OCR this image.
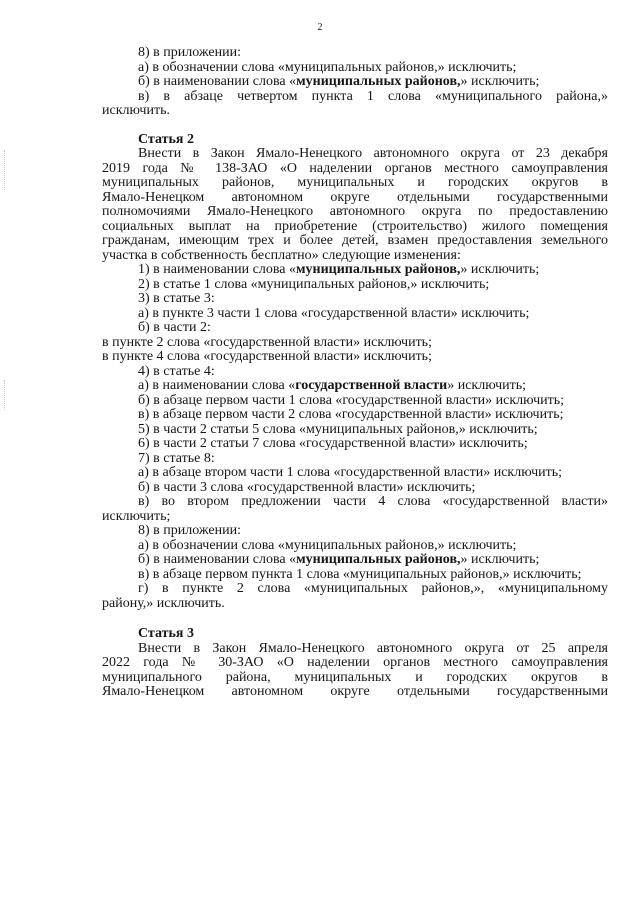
2
8) в приложении:
а) в обозначении слова «муниципальных районов,» исключить;
б) в наименовании слова «муниципальных районов,» исключить;
в) в абзаце четвертом пункта 1 слова «муниципального района,»
исключить.
Статья 2
Внести в Закон Ямало-Ненецкого автономного округа от 23 декабря
2019 года № 138-ЗАО «О наделении органов местного самоуправления
муниципальных районов, муниципальных и городских округов в
Ямало-Ненецком автономном округе отдельными государственными
полномочиями Ямало-Ненецкого автономного округа по предоставлению
социальных выплат на приобретение (строительство) жилого помещения
гражданам, имеющим трех и более детей, взамен предоставления земельного
участка в собственность бесплатно» следующие изменения:
1) в наименовании слова «муниципальных районов,» исключить;
2) в статье 1 слова «муниципальных районов,» исключить;
3) в статье 3:
а) в пункте 3 части 1 слова «государственной власти» исключить;
б) в части 2:
в пункте 2 слова «государственной власти» исключить;
в пункте 4 слова «государственной власти» исключить;
4) в статье 4:
а) в наименовании слова «государственной власти» исключить;
б) в абзаце первом части 1 слова «государственной власти» исключить;
в) в абзаце первом части 2 слова «государственной власти» исключить;
5) в части 2 статьи 5 слова «муниципальных районов,» исключить;
6) в части 2 статьи 7 слова «государственной власти» исключить;
7) в статье 8:
а) в абзаце втором части 1 слова «государственной власти» исключить;
б) в части 3 слова «государственной власти» исключить;
в) во втором предложении части 4 слова «государственной власти»
исключить;
8) в приложении:
а) в обозначении слова «муниципальных районов,» исключить;
б) в наименовании слова «муниципальных районов,» исключить;
в) в абзаце первом пункта 1 слова «муниципальных районов,» исключить;
г) в пункте 2 слова «муниципальных районов,», «муниципальному
району,» исключить.
Статья 3
Внести в Закон Ямало-Ненецкого автономного округа от 25 апреля
2022 года № 30-ЗАО «О наделении органов местного самоуправления
муниципального района, муниципальных и городских округов в
Ямало-Ненецком автономном округе отдельными государственными
